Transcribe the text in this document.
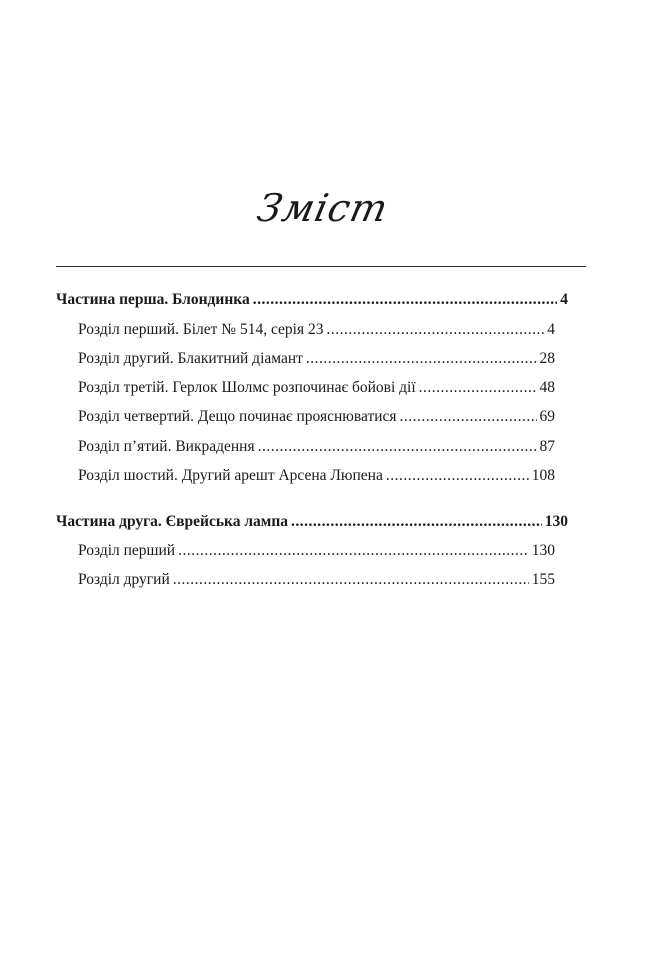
Зміст
Частина перша. Блондинка .....	4
Розділ перший. Білет № 514, серія 23 .....	4
Розділ другий. Блакитний діамант .....	28
Розділ третій. Герлок Шолмс розпочинає бойові дії .....	48
Розділ четвертий. Дещо починає прояснюватися .....	69
Розділ п’ятий. Викрадення .....	87
Розділ шостий. Другий арешт Арсена Люпена .....	108
Частина друга. Єврейська лампа .....	130
Розділ перший .....	130
Розділ другий .....	155
